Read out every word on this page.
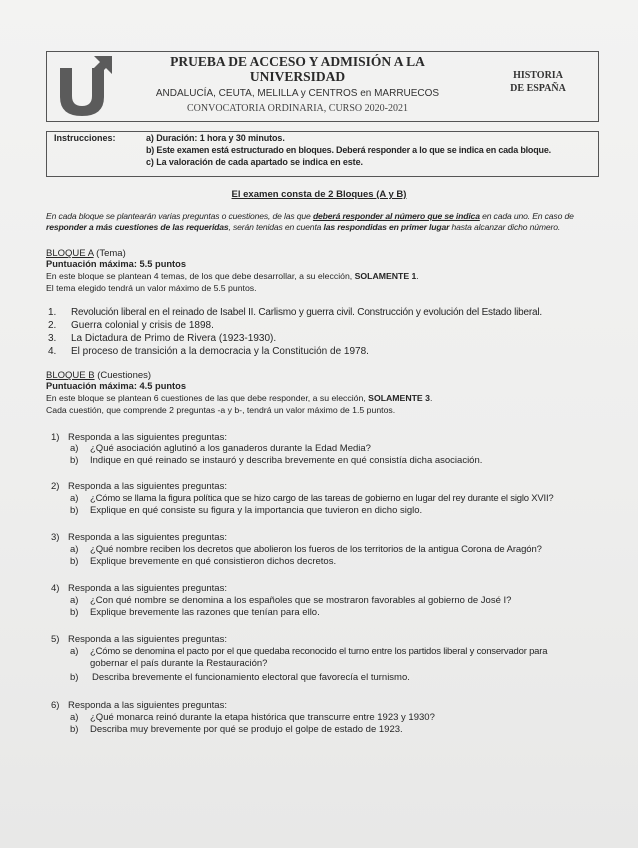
PRUEBA DE ACCESO Y ADMISIÓN A LA
UNIVERSIDAD
ANDALUCÍA, CEUTA, MELILLA y CENTROS en MARRUECOS
CONVOCATORIA ORDINARIA, CURSO 2020-2021
HISTORIA
DE ESPAÑA
Instrucciones:	a) Duración: 1 hora y 30 minutos.
b) Este examen está estructurado en bloques. Deberá responder a lo que se indica en cada bloque.
c) La valoración de cada apartado se indica en este.
El examen consta de 2 Bloques (A y B)
En cada bloque se plantearán varias preguntas o cuestiones, de las que deberá responder al número que se indica en cada uno. En caso de
responder a más cuestiones de las requeridas, serán tenidas en cuenta las respondidas en primer lugar hasta alcanzar dicho número.
BLOQUE A (Tema)
Puntuación máxima: 5.5 puntos
En este bloque se plantean 4 temas, de los que debe desarrollar, a su elección, SOLAMENTE 1.
El tema elegido tendrá un valor máximo de 5.5 puntos.
1.	Revolución liberal en el reinado de Isabel II. Carlismo y guerra civil. Construcción y evolución del Estado liberal.
2.	Guerra colonial y crisis de 1898.
3.	La Dictadura de Primo de Rivera (1923-1930).
4.	El proceso de transición a la democracia y la Constitución de 1978.
BLOQUE B (Cuestiones)
Puntuación máxima: 4.5 puntos
En este bloque se plantean 6 cuestiones de las que debe responder, a su elección, SOLAMENTE 3.
Cada cuestión, que comprende 2 preguntas -a y b-, tendrá un valor máximo de 1.5 puntos.
1) Responda a las siguientes preguntas:
a) ¿Qué asociación aglutinó a los ganaderos durante la Edad Media?
b) Indique en qué reinado se instauró y describa brevemente en qué consistía dicha asociación.
2) Responda a las siguientes preguntas:
a) ¿Cómo se llama la figura política que se hizo cargo de las tareas de gobierno en lugar del rey durante el siglo XVII?
b) Explique en qué consiste su figura y la importancia que tuvieron en dicho siglo.
3) Responda a las siguientes preguntas:
a) ¿Qué nombre reciben los decretos que abolieron los fueros de los territorios de la antigua Corona de Aragón?
b) Explique brevemente en qué consistieron dichos decretos.
4) Responda a las siguientes preguntas:
a) ¿Con qué nombre se denomina a los españoles que se mostraron favorables al gobierno de José I?
b) Explique brevemente las razones que tenían para ello.
5) Responda a las siguientes preguntas:
a) ¿Cómo se denomina el pacto por el que quedaba reconocido el turno entre los partidos liberal y conservador para
gobernar el país durante la Restauración?
b) Describa brevemente el funcionamiento electoral que favorecía el turnismo.
6) Responda a las siguientes preguntas:
a) ¿Qué monarca reinó durante la etapa histórica que transcurre entre 1923 y 1930?
b) Describa muy brevemente por qué se produjo el golpe de estado de 1923.
